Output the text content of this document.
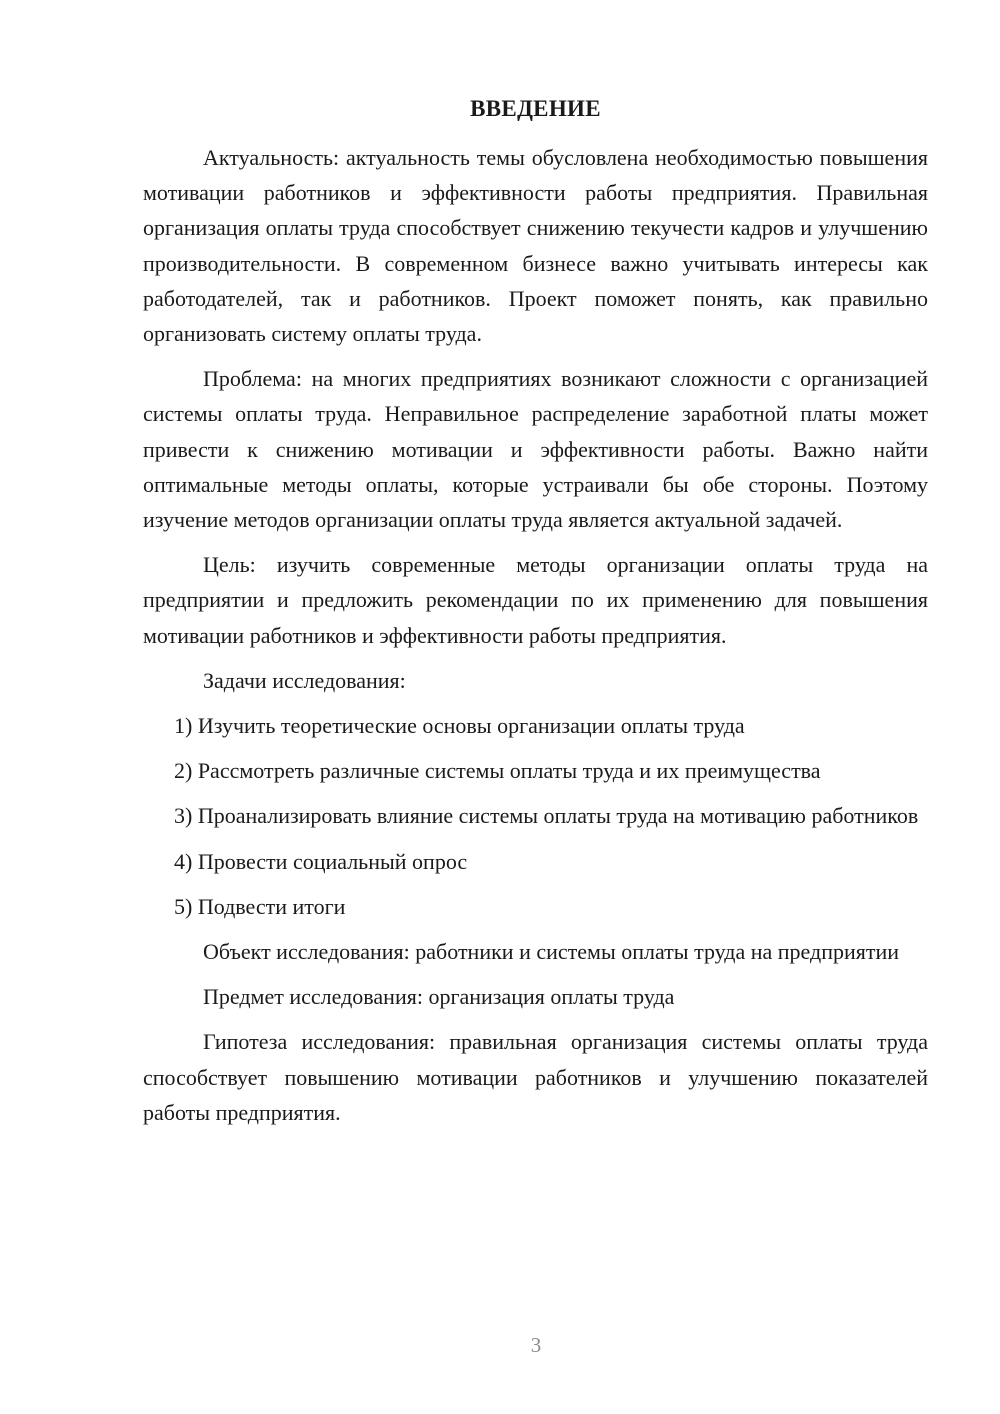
ВВЕДЕНИЕ

Актуальность: актуальность темы обусловлена необходимостью повышения мотивации работников и эффективности работы предприятия. Правильная организация оплаты труда способствует снижению текучести кадров и улучшению производительности. В современном бизнесе важно учитывать интересы как работодателей, так и работников. Проект поможет понять, как правильно организовать систему оплаты труда.

Проблема: на многих предприятиях возникают сложности с организацией системы оплаты труда. Неправильное распределение заработной платы может привести к снижению мотивации и эффективности работы. Важно найти оптимальные методы оплаты, которые устраивали бы обе стороны. Поэтому изучение методов организации оплаты труда является актуальной задачей.

Цель: изучить современные методы организации оплаты труда на предприятии и предложить рекомендации по их применению для повышения мотивации работников и эффективности работы предприятия.

Задачи исследования:

1) Изучить теоретические основы организации оплаты труда

2) Рассмотреть различные системы оплаты труда и их преимущества

3) Проанализировать влияние системы оплаты труда на мотивацию работников

4) Провести социальный опрос

5) Подвести итоги

Объект исследования: работники и системы оплаты труда на предприятии

Предмет исследования: организация оплаты труда

Гипотеза исследования: правильная организация системы оплаты труда способствует повышению мотивации работников и улучшению показателей работы предприятия.

3
